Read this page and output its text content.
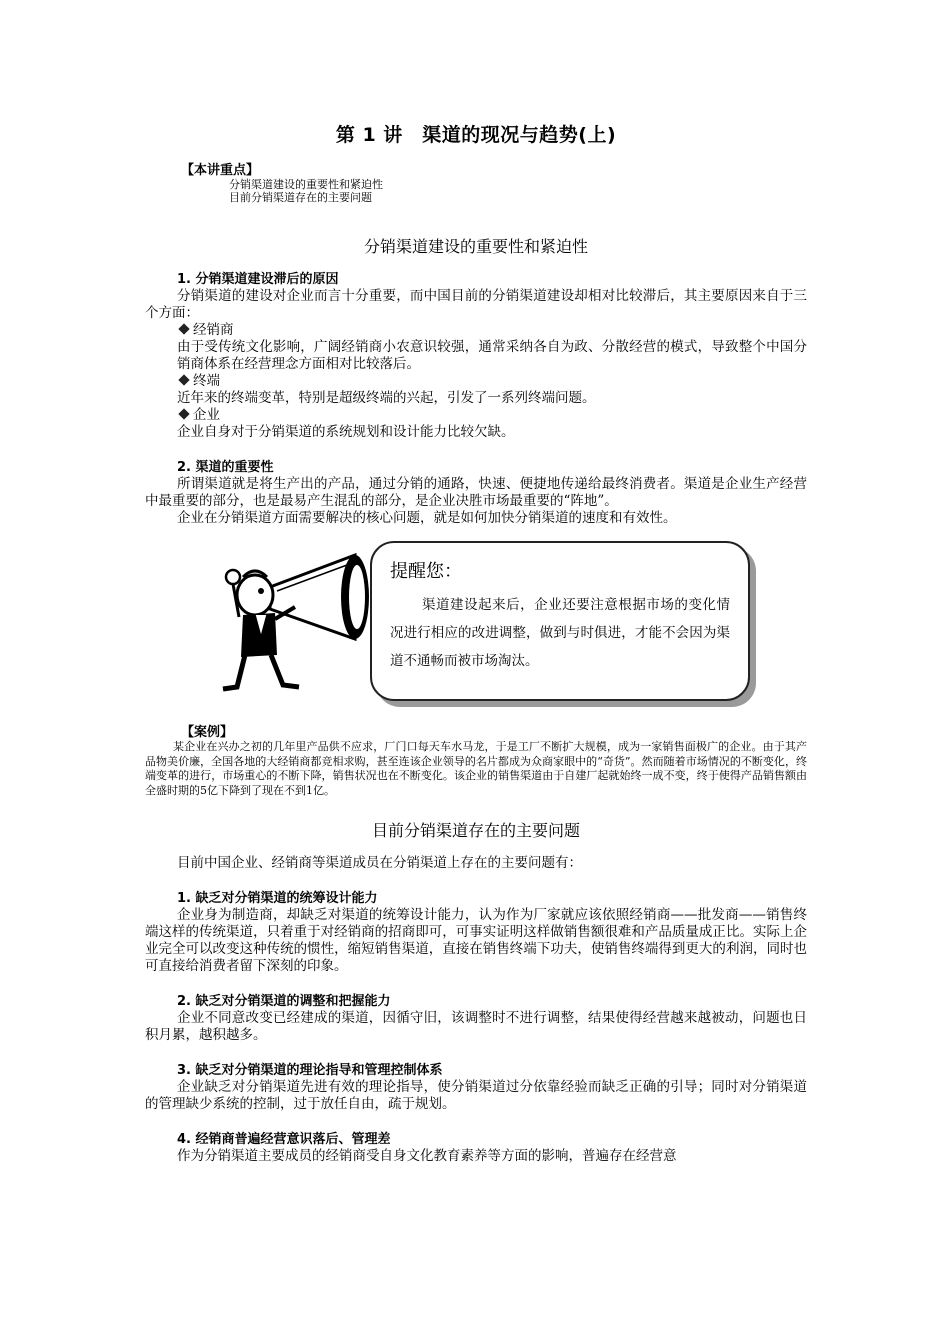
第 1 讲　渠道的现况与趋势(上)
【本讲重点】
分销渠道建设的重要性和紧迫性
目前分销渠道存在的主要问题
分销渠道建设的重要性和紧迫性
1. 分销渠道建设滞后的原因

分销渠道的建设对企业而言十分重要，而中国目前的分销渠道建设却相对比较滞后，其主要原因来自于三个方面：

经销商

由于受传统文化影响，广阔经销商小农意识较强，通常采纳各自为政、分散经营的模式，导致整个中国分销商体系在经营理念方面相对比较落后。

终端

近年来的终端变革，特别是超级终端的兴起，引发了一系列终端问题。

企业

企业自身对于分销渠道的系统规划和设计能力比较欠缺。

2. 渠道的重要性

所谓渠道就是将生产出的产品，通过分销的通路，快速、便捷地传递给最终消费者。渠道是企业生产经营中最重要的部分，也是最易产生混乱的部分，是企业决胜市场最重要的“阵地”。

企业在分销渠道方面需要解决的核心问题，就是如何加快分销渠道的速度和有效性。

提醒您：
渠道建设起来后，企业还要注意根据市场的变化情况进行相应的改进调整，做到与时俱进，才能不会因为渠道不通畅而被市场淘汰。
【案例】

某企业在兴办之初的几年里产品供不应求，厂门口每天车水马龙，于是工厂不断扩大规模，成为一家销售面极广的企业。由于其产品物美价廉，全国各地的大经销商都竞相求购，甚至连该企业领导的名片都成为众商家眼中的“奇货”。然而随着市场情况的不断变化，终端变革的进行，市场重心的不断下降，销售状况也在不断变化。该企业的销售渠道由于自建厂起就始终一成不变，终于使得产品销售额由全盛时期的5亿下降到了现在不到1亿。

目前分销渠道存在的主要问题

目前中国企业、经销商等渠道成员在分销渠道上存在的主要问题有：

1. 缺乏对分销渠道的统筹设计能力

企业身为制造商，却缺乏对渠道的统筹设计能力，认为作为厂家就应该依照经销商——批发商——销售终端这样的传统渠道，只着重于对经销商的招商即可，可事实证明这样做销售额很难和产品质量成正比。实际上企业完全可以改变这种传统的惯性，缩短销售渠道，直接在销售终端下功夫，使销售终端得到更大的利润，同时也可直接给消费者留下深刻的印象。

2. 缺乏对分销渠道的调整和把握能力

企业不同意改变已经建成的渠道，因循守旧，该调整时不进行调整，结果使得经营越来越被动，问题也日积月累，越积越多。

3. 缺乏对分销渠道的理论指导和管理控制体系

企业缺乏对分销渠道先进有效的理论指导，使分销渠道过分依靠经验而缺乏正确的引导；同时对分销渠道的管理缺少系统的控制，过于放任自由，疏于规划。

4. 经销商普遍经营意识落后、管理差

作为分销渠道主要成员的经销商受自身文化教育素养等方面的影响，普遍存在经营意
